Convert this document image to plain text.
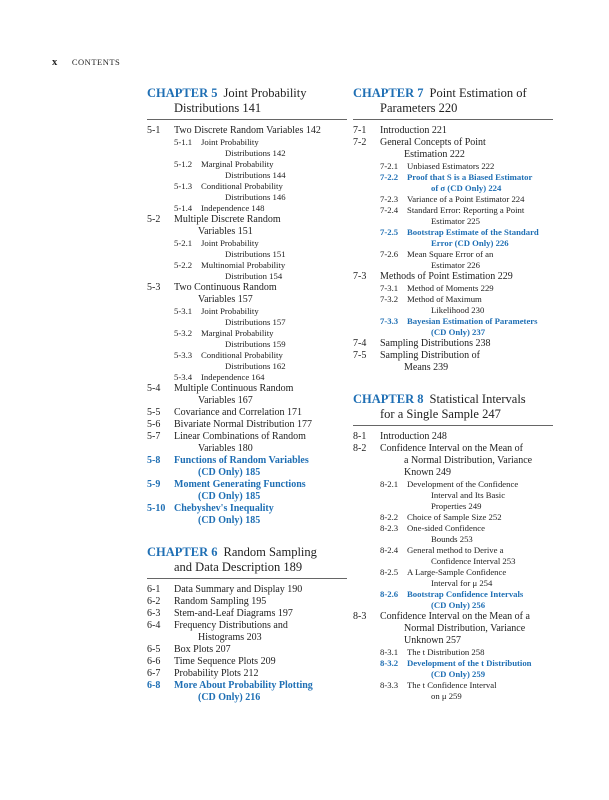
x CONTENTS
CHAPTER 5 Joint Probability
Distributions 141
5-1 Two Discrete Random Variables 142
5-1.1 Joint Probability
Distributions 142
5-1.2 Marginal Probability
Distributions 144
5-1.3 Conditional Probability
Distributions 146
5-1.4 Independence 148
5-2 Multiple Discrete Random
Variables 151
5-2.1 Joint Probability
Distributions 151
5-2.2 Multinomial Probability
Distribution 154
5-3 Two Continuous Random
Variables 157
5-3.1 Joint Probability
Distributions 157
5-3.2 Marginal Probability
Distributions 159
5-3.3 Conditional Probability
Distributions 162
5-3.4 Independence 164
5-4 Multiple Continuous Random
Variables 167
5-5 Covariance and Correlation 171
5-6 Bivariate Normal Distribution 177
5-7 Linear Combinations of Random
Variables 180
5-8 Functions of Random Variables
(CD Only) 185
5-9 Moment Generating Functions
(CD Only) 185
5-10 Chebyshev's Inequality
(CD Only) 185
CHAPTER 6 Random Sampling
and Data Description 189
6-1 Data Summary and Display 190
6-2 Random Sampling 195
6-3 Stem-and-Leaf Diagrams 197
6-4 Frequency Distributions and
Histograms 203
6-5 Box Plots 207
6-6 Time Sequence Plots 209
6-7 Probability Plots 212
6-8 More About Probability Plotting
(CD Only) 216
CHAPTER 7 Point Estimation of
Parameters 220
7-1 Introduction 221
7-2 General Concepts of Point
Estimation 222
7-2.1 Unbiased Estimators 222
7-2.2 Proof that S is a Biased Estimator
of σ (CD Only) 224
7-2.3 Variance of a Point Estimator 224
7-2.4 Standard Error: Reporting a Point
Estimator 225
7-2.5 Bootstrap Estimate of the Standard
Error (CD Only) 226
7-2.6 Mean Square Error of an
Estimator 226
7-3 Methods of Point Estimation 229
7-3.1 Method of Moments 229
7-3.2 Method of Maximum
Likelihood 230
7-3.3 Bayesian Estimation of Parameters
(CD Only) 237
7-4 Sampling Distributions 238
7-5 Sampling Distribution of
Means 239
CHAPTER 8 Statistical Intervals
for a Single Sample 247
8-1 Introduction 248
8-2 Confidence Interval on the Mean of
a Normal Distribution, Variance
Known 249
8-2.1 Development of the Confidence
Interval and Its Basic
Properties 249
8-2.2 Choice of Sample Size 252
8-2.3 One-sided Confidence
Bounds 253
8-2.4 General method to Derive a
Confidence Interval 253
8-2.5 A Large-Sample Confidence
Interval for μ 254
8-2.6 Bootstrap Confidence Intervals
(CD Only) 256
8-3 Confidence Interval on the Mean of a
Normal Distribution, Variance
Unknown 257
8-3.1 The t Distribution 258
8-3.2 Development of the t Distribution
(CD Only) 259
8-3.3 The t Confidence Interval
on μ 259
